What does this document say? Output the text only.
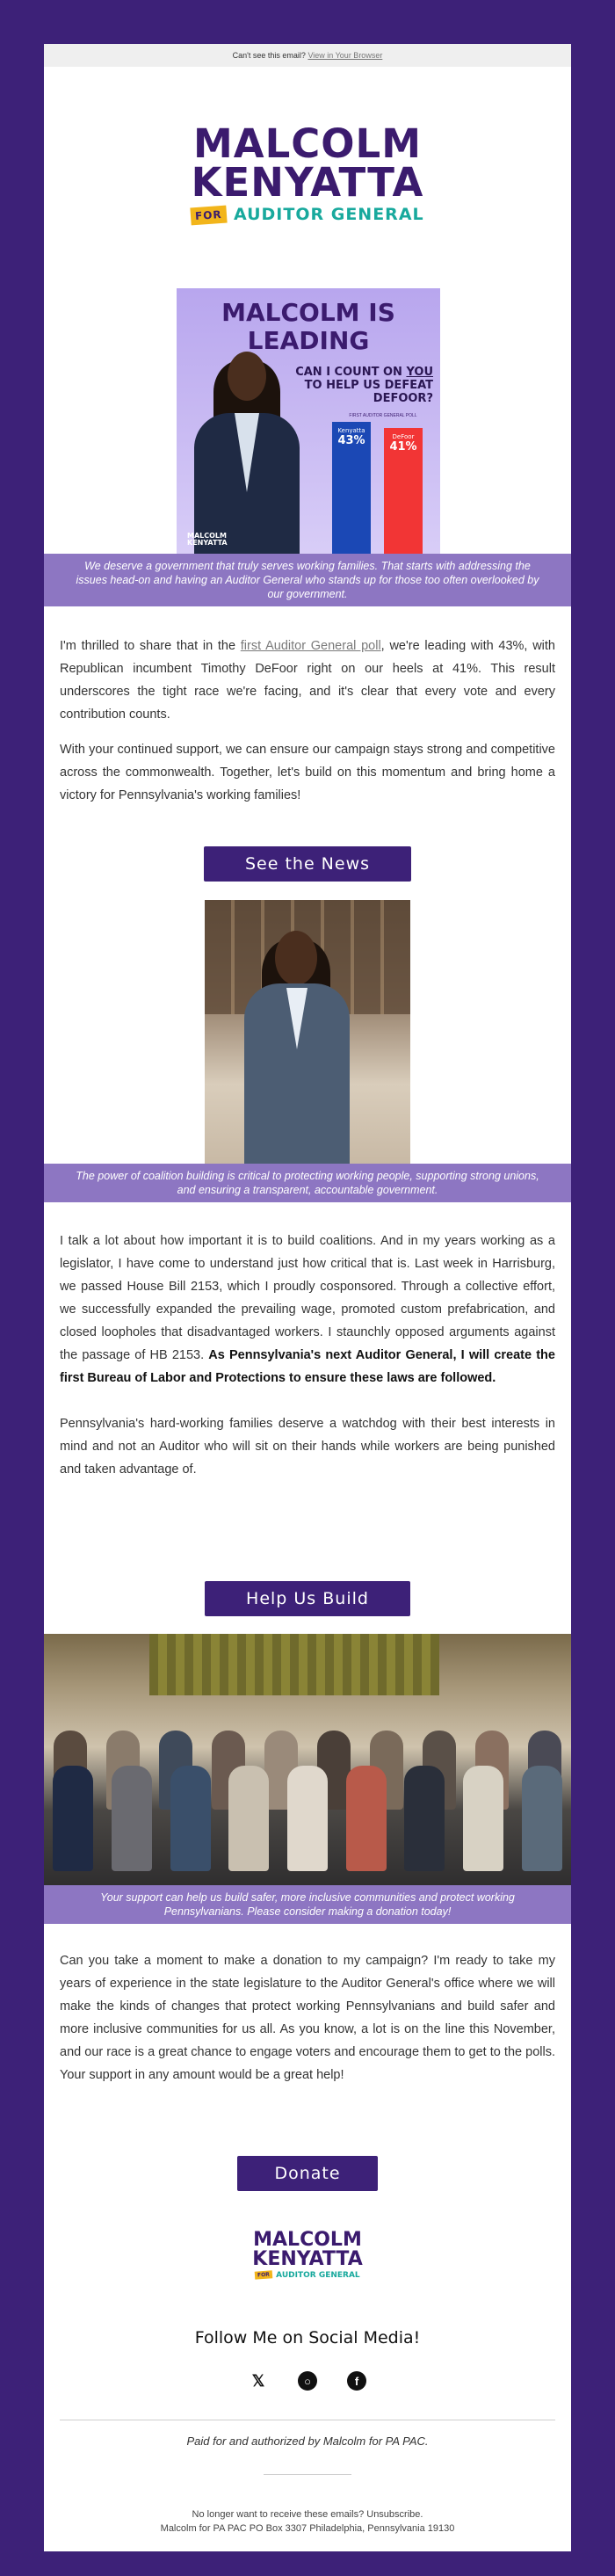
Can't see this email? View in Your Browser
MALCOLM
KENYATTA
FOR AUDITOR GENERAL
MALCOLM IS
LEADING
CAN I COUNT ON YOU TO HELP US DEFEAT DEFOOR?
FIRST AUDITOR GENERAL POLL
Kenyatta
43%	DeFoor
41%
MALCOLM
KENYATTA
We deserve a government that truly serves working families. That starts with addressing the issues head-on and having an Auditor General who stands up for those too often overlooked by our government.

I'm thrilled to share that in the first Auditor General poll, we're leading with 43%, with Republican incumbent Timothy DeFoor right on our heels at 41%. This result underscores the tight race we're facing, and it's clear that every vote and every contribution counts.

With your continued support, we can ensure our campaign stays strong and competitive across the commonwealth. Together, let's build on this momentum and bring home a victory for Pennsylvania's working families!

See the News
The power of coalition building is critical to protecting working people, supporting strong unions, and ensuring a transparent, accountable government.

I talk a lot about how important it is to build coalitions. And in my years working as a legislator, I have come to understand just how critical that is. Last week in Harrisburg, we passed House Bill 2153, which I proudly cosponsored. Through a collective effort, we successfully expanded the prevailing wage, promoted custom prefabrication, and closed loopholes that disadvantaged workers. I staunchly opposed arguments against the passage of HB 2153. As Pennsylvania's next Auditor General, I will create the first Bureau of Labor and Protections to ensure these laws are followed.

Pennsylvania's hard-working families deserve a watchdog with their best interests in mind and not an Auditor who will sit on their hands while workers are being punished and taken advantage of.

Help Us Build
Your support can help us build safer, more inclusive communities and protect working Pennsylvanians. Please consider making a donation today!

Can you take a moment to make a donation to my campaign? I'm ready to take my years of experience in the state legislature to the Auditor General's office where we will make the kinds of changes that protect working Pennsylvanians and build safer and more inclusive communities for us all. As you know, a lot is on the line this November, and our race is a great chance to engage voters and encourage them to get to the polls. Your support in any amount would be a great help!

Donate
MALCOLM
KENYATTA
FOR AUDITOR GENERAL
Follow Me on Social Media!
𝕏	○	f
Paid for and authorized by Malcolm for PA PAC.
No longer want to receive these emails? Unsubscribe.
Malcolm for PA PAC PO Box 3307 Philadelphia, Pennsylvania 19130
